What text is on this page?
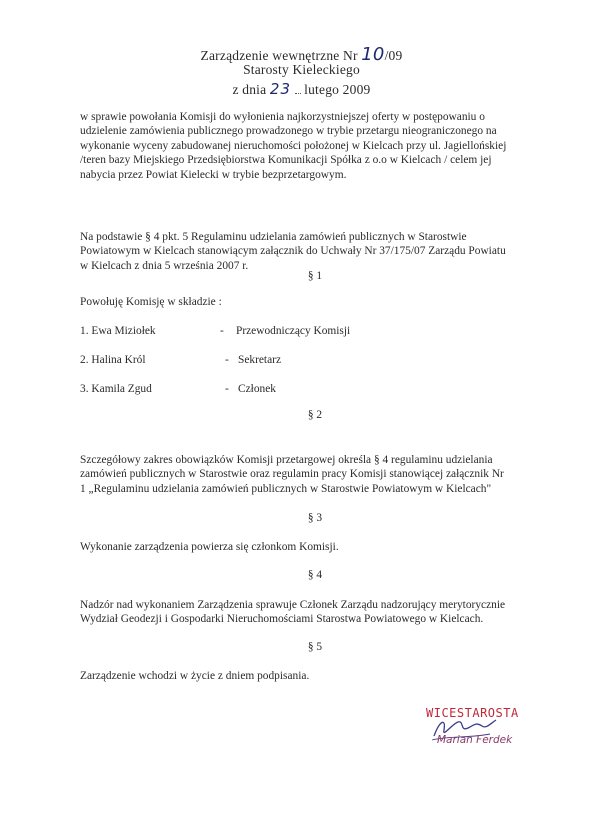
Zarządzenie wewnętrzne Nr 10/09
Starosty Kieleckiego
z dnia 23 lutego 2009
w sprawie powołania Komisji do wyłonienia najkorzystniejszej oferty w postępowaniu o
udzielenie zamówienia publicznego prowadzonego w trybie przetargu nieograniczonego na
wykonanie wyceny zabudowanej nieruchomości położonej w Kielcach przy ul. Jagiellońskiej
/teren bazy Miejskiego Przedsiębiorstwa Komunikacji Spółka z o.o w Kielcach / celem jej
nabycia przez Powiat Kielecki w trybie bezprzetargowym.
Na podstawie § 4 pkt. 5 Regulaminu udzielania zamówień publicznych w Starostwie
Powiatowym w Kielcach stanowiącym załącznik do Uchwały Nr 37/175/07 Zarządu Powiatu
w Kielcach z dnia 5 września 2007 r.
§ 1
Powołuję Komisję w składzie :
1. Ewa Miziołek	- Przewodniczący Komisji
2. Halina Król	- Sekretarz
3. Kamila Zgud	- Członek
§ 2
Szczegółowy zakres obowiązków Komisji przetargowej określa § 4 regulaminu udzielania
zamówień publicznych w Starostwie oraz regulamin pracy Komisji stanowiącej załącznik Nr
1 „Regulaminu udzielania zamówień publicznych w Starostwie Powiatowym w Kielcach"
§ 3
Wykonanie zarządzenia powierza się członkom Komisji.
§ 4
Nadzór nad wykonaniem Zarządzenia sprawuje Członek Zarządu nadzorujący merytorycznie
Wydział Geodezji i Gospodarki Nieruchomościami Starostwa Powiatowego w Kielcach.
§ 5
Zarządzenie wchodzi w życie z dniem podpisania.
WICESTAROSTA
Marian Ferdek
